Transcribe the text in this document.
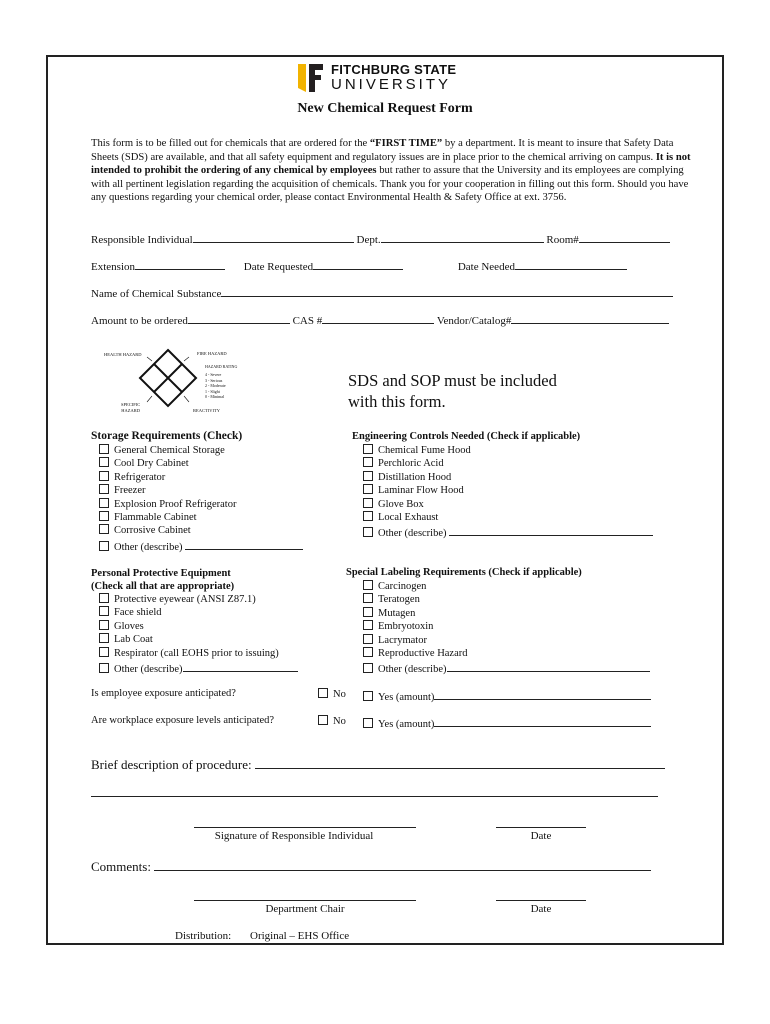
FITCHBURG STATE
UNIVERSITY
New Chemical Request Form
This form is to be filled out for chemicals that are ordered for the “FIRST TIME” by a department. It is meant to insure that Safety Data Sheets (SDS) are available, and that all safety equipment and regulatory issues are in place prior to the chemical arriving on campus. It is not intended to prohibit the ordering of any chemical by employees but rather to assure that the University and its employees are complying with all pertinent legislation regarding the acquisition of chemicals. Thank you for your cooperation in filling out this form. Should you have any questions regarding your chemical order, please contact Environmental Health & Safety Office at ext. 3756.
Responsible Individual	Dept.	Room#
Extension	Date Requested	Date Needed
Name of Chemical Substance
Amount to be ordered	CAS #	Vendor/Catalog#
HEALTH HAZARD	FIRE HAZARD
HAZARD RATING
4 - Severe
3 - Serious
2 - Moderate
1 - Slight
0 - Minimal
SPECIFIC
HAZARD	REACTIVITY
SDS and SOP must be included
with this form.
Storage Requirements (Check)
General Chemical Storage
Cool Dry Cabinet
Refrigerator
Freezer
Explosion Proof Refrigerator
Flammable Cabinet
Corrosive Cabinet
Other (describe)
Engineering Controls Needed (Check if applicable)
Chemical Fume Hood
Perchloric Acid
Distillation Hood
Laminar Flow Hood
Glove Box
Local Exhaust
Other (describe)
Personal Protective Equipment
(Check all that are appropriate)
Protective eyewear (ANSI Z87.1)
Face shield
Gloves
Lab Coat
Respirator (call EOHS prior to issuing)
Other (describe)
Special Labeling Requirements (Check if applicable)
Carcinogen
Teratogen
Mutagen
Embryotoxin
Lacrymator
Reproductive Hazard
Other (describe)
Is employee exposure anticipated?	No	Yes (amount)
Are workplace exposure levels anticipated?	No	Yes (amount)
Brief description of procedure:
Signature of Responsible Individual	Date
Comments:
Department Chair	Date
Distribution: Original – EHS Office
